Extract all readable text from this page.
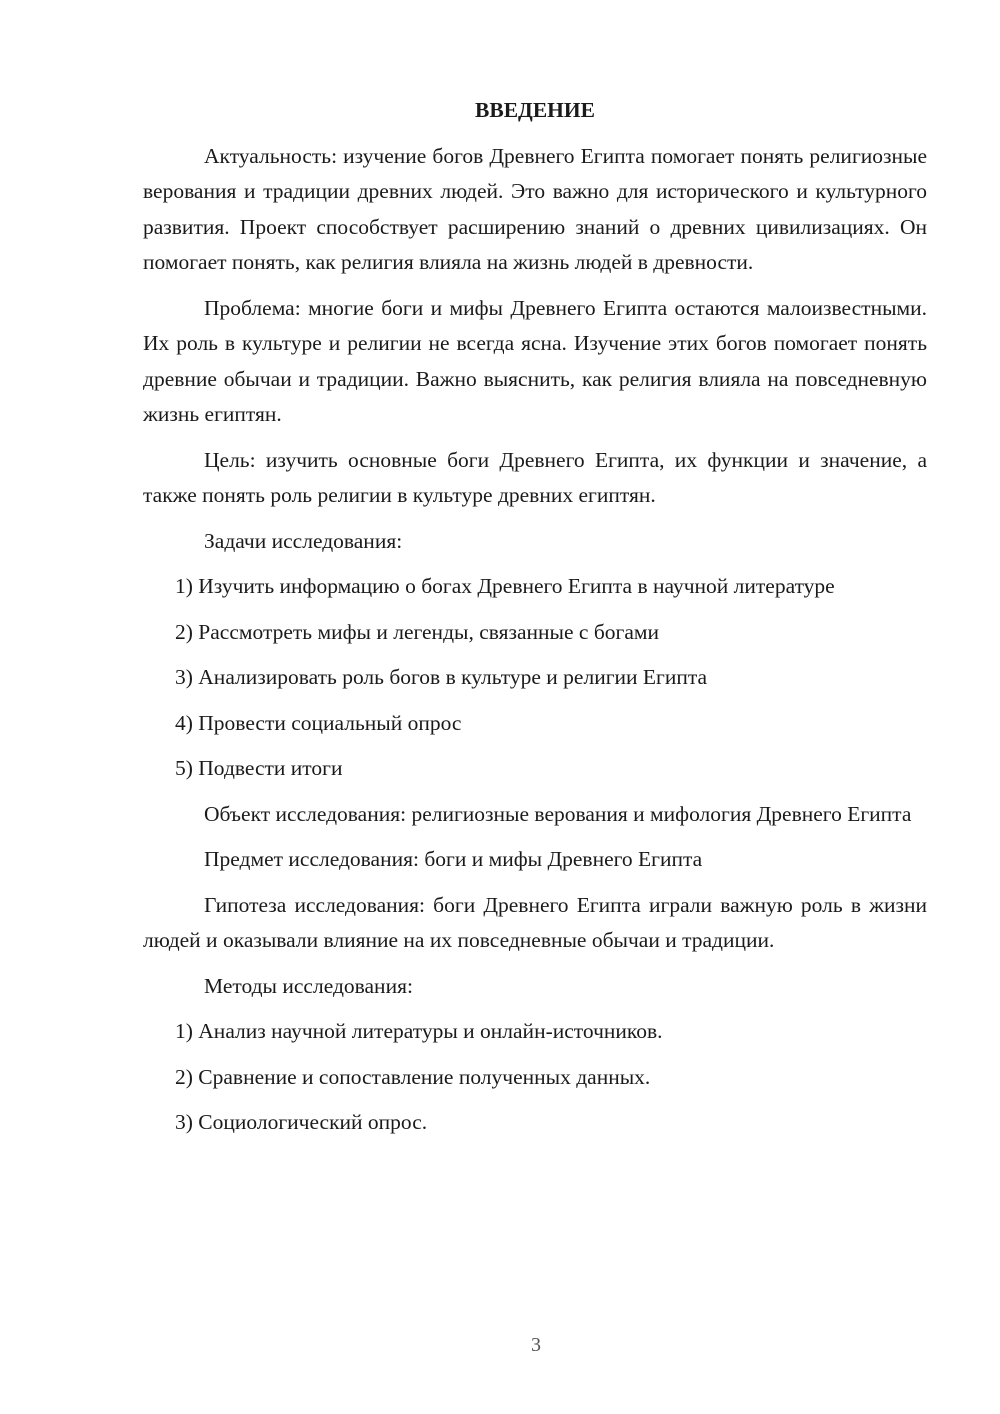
ВВЕДЕНИЕ

Актуальность: изучение богов Древнего Египта помогает понять религиозные верования и традиции древних людей. Это важно для исторического и культурного развития. Проект способствует расширению знаний о древних цивилизациях. Он помогает понять, как религия влияла на жизнь людей в древности.

Проблема: многие боги и мифы Древнего Египта остаются малоизвестными. Их роль в культуре и религии не всегда ясна. Изучение этих богов помогает понять древние обычаи и традиции. Важно выяснить, как религия влияла на повседневную жизнь египтян.

Цель: изучить основные боги Древнего Египта, их функции и значение, а также понять роль религии в культуре древних египтян.

Задачи исследования:

1) Изучить информацию о богах Древнего Египта в научной литературе

2) Рассмотреть мифы и легенды, связанные с богами

3) Анализировать роль богов в культуре и религии Египта

4) Провести социальный опрос

5) Подвести итоги

Объект исследования: религиозные верования и мифология Древнего Египта

Предмет исследования: боги и мифы Древнего Египта

Гипотеза исследования: боги Древнего Египта играли важную роль в жизни людей и оказывали влияние на их повседневные обычаи и традиции.

Методы исследования:

1) Анализ научной литературы и онлайн-источников.

2) Сравнение и сопоставление полученных данных.

3) Социологический опрос.

3
